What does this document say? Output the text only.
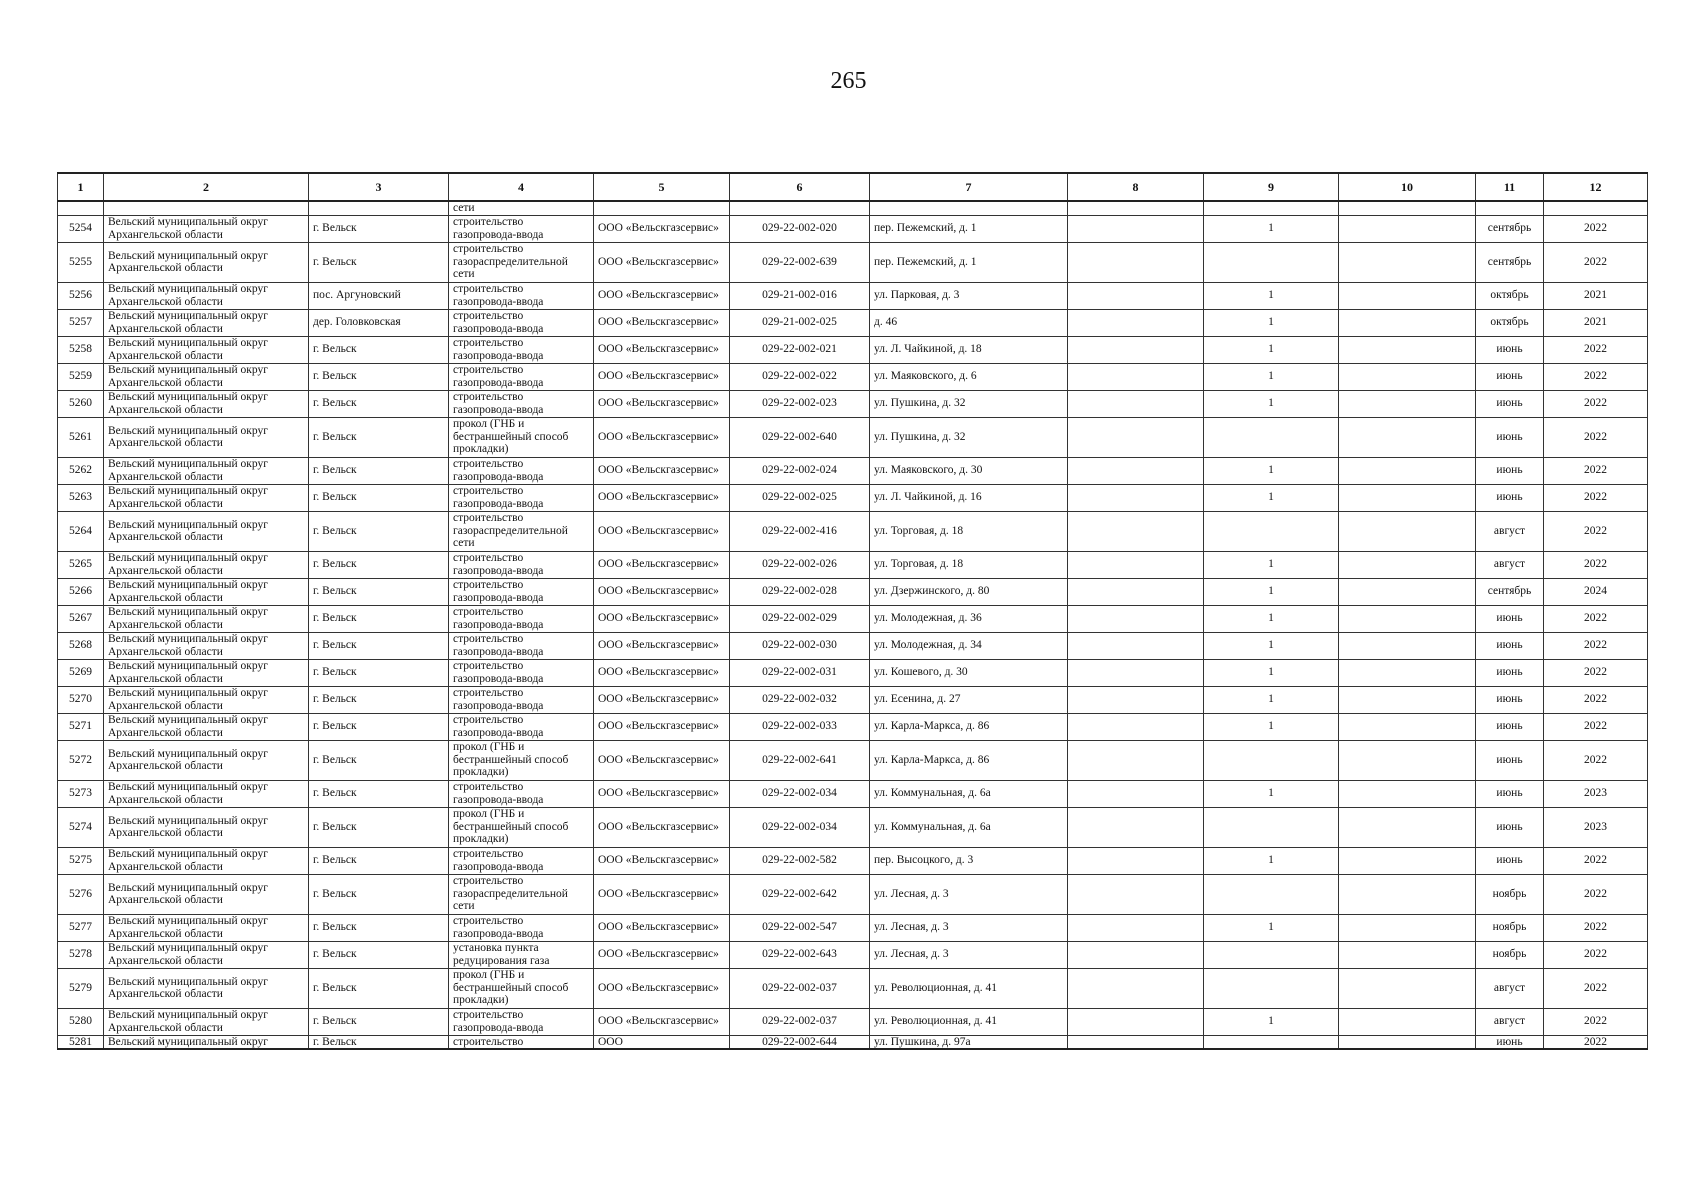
265
1	2	3	4	5	6	7	8	9	10	11	12
			сети								
5254	Вельский муниципальный округ Архангельской области	г. Вельск	строительство газопровода-ввода	ООО «Вельскгазсервис»	029-22-002-020	пер. Пежемский, д. 1		1		сентябрь	2022
5255	Вельский муниципальный округ Архангельской области	г. Вельск	строительство газораспределительной сети	ООО «Вельскгазсервис»	029-22-002-639	пер. Пежемский, д. 1				сентябрь	2022
5256	Вельский муниципальный округ Архангельской области	пос. Аргуновский	строительство газопровода-ввода	ООО «Вельскгазсервис»	029-21-002-016	ул. Парковая, д. 3		1		октябрь	2021
5257	Вельский муниципальный округ Архангельской области	дер. Головковская	строительство газопровода-ввода	ООО «Вельскгазсервис»	029-21-002-025	д. 46		1		октябрь	2021
5258	Вельский муниципальный округ Архангельской области	г. Вельск	строительство газопровода-ввода	ООО «Вельскгазсервис»	029-22-002-021	ул. Л. Чайкиной, д. 18		1		июнь	2022
5259	Вельский муниципальный округ Архангельской области	г. Вельск	строительство газопровода-ввода	ООО «Вельскгазсервис»	029-22-002-022	ул. Маяковского, д. 6		1		июнь	2022
5260	Вельский муниципальный округ Архангельской области	г. Вельск	строительство газопровода-ввода	ООО «Вельскгазсервис»	029-22-002-023	ул. Пушкина, д. 32		1		июнь	2022
5261	Вельский муниципальный округ Архангельской области	г. Вельск	прокол (ГНБ и бестраншейный способ прокладки)	ООО «Вельскгазсервис»	029-22-002-640	ул. Пушкина, д. 32				июнь	2022
5262	Вельский муниципальный округ Архангельской области	г. Вельск	строительство газопровода-ввода	ООО «Вельскгазсервис»	029-22-002-024	ул. Маяковского, д. 30		1		июнь	2022
5263	Вельский муниципальный округ Архангельской области	г. Вельск	строительство газопровода-ввода	ООО «Вельскгазсервис»	029-22-002-025	ул. Л. Чайкиной, д. 16		1		июнь	2022
5264	Вельский муниципальный округ Архангельской области	г. Вельск	строительство газораспределительной сети	ООО «Вельскгазсервис»	029-22-002-416	ул. Торговая, д. 18				август	2022
5265	Вельский муниципальный округ Архангельской области	г. Вельск	строительство газопровода-ввода	ООО «Вельскгазсервис»	029-22-002-026	ул. Торговая, д. 18		1		август	2022
5266	Вельский муниципальный округ Архангельской области	г. Вельск	строительство газопровода-ввода	ООО «Вельскгазсервис»	029-22-002-028	ул. Дзержинского, д. 80		1		сентябрь	2024
5267	Вельский муниципальный округ Архангельской области	г. Вельск	строительство газопровода-ввода	ООО «Вельскгазсервис»	029-22-002-029	ул. Молодежная, д. 36		1		июнь	2022
5268	Вельский муниципальный округ Архангельской области	г. Вельск	строительство газопровода-ввода	ООО «Вельскгазсервис»	029-22-002-030	ул. Молодежная, д. 34		1		июнь	2022
5269	Вельский муниципальный округ Архангельской области	г. Вельск	строительство газопровода-ввода	ООО «Вельскгазсервис»	029-22-002-031	ул. Кошевого, д. 30		1		июнь	2022
5270	Вельский муниципальный округ Архангельской области	г. Вельск	строительство газопровода-ввода	ООО «Вельскгазсервис»	029-22-002-032	ул. Есенина, д. 27		1		июнь	2022
5271	Вельский муниципальный округ Архангельской области	г. Вельск	строительство газопровода-ввода	ООО «Вельскгазсервис»	029-22-002-033	ул. Карла-Маркса, д. 86		1		июнь	2022
5272	Вельский муниципальный округ Архангельской области	г. Вельск	прокол (ГНБ и бестраншейный способ прокладки)	ООО «Вельскгазсервис»	029-22-002-641	ул. Карла-Маркса, д. 86				июнь	2022
5273	Вельский муниципальный округ Архангельской области	г. Вельск	строительство газопровода-ввода	ООО «Вельскгазсервис»	029-22-002-034	ул. Коммунальная, д. 6а		1		июнь	2023
5274	Вельский муниципальный округ Архангельской области	г. Вельск	прокол (ГНБ и бестраншейный способ прокладки)	ООО «Вельскгазсервис»	029-22-002-034	ул. Коммунальная, д. 6а				июнь	2023
5275	Вельский муниципальный округ Архангельской области	г. Вельск	строительство газопровода-ввода	ООО «Вельскгазсервис»	029-22-002-582	пер. Высоцкого, д. 3		1		июнь	2022
5276	Вельский муниципальный округ Архангельской области	г. Вельск	строительство газораспределительной сети	ООО «Вельскгазсервис»	029-22-002-642	ул. Лесная, д. 3				ноябрь	2022
5277	Вельский муниципальный округ Архангельской области	г. Вельск	строительство газопровода-ввода	ООО «Вельскгазсервис»	029-22-002-547	ул. Лесная, д. 3		1		ноябрь	2022
5278	Вельский муниципальный округ Архангельской области	г. Вельск	установка пункта редуцирования газа	ООО «Вельскгазсервис»	029-22-002-643	ул. Лесная, д. 3				ноябрь	2022
5279	Вельский муниципальный округ Архангельской области	г. Вельск	прокол (ГНБ и бестраншейный способ прокладки)	ООО «Вельскгазсервис»	029-22-002-037	ул. Революционная, д. 41				август	2022
5280	Вельский муниципальный округ Архангельской области	г. Вельск	строительство газопровода-ввода	ООО «Вельскгазсервис»	029-22-002-037	ул. Революционная, д. 41		1		август	2022
5281	Вельский муниципальный округ	г. Вельск	строительство	ООО	029-22-002-644	ул. Пушкина, д. 97а				июнь	2022
